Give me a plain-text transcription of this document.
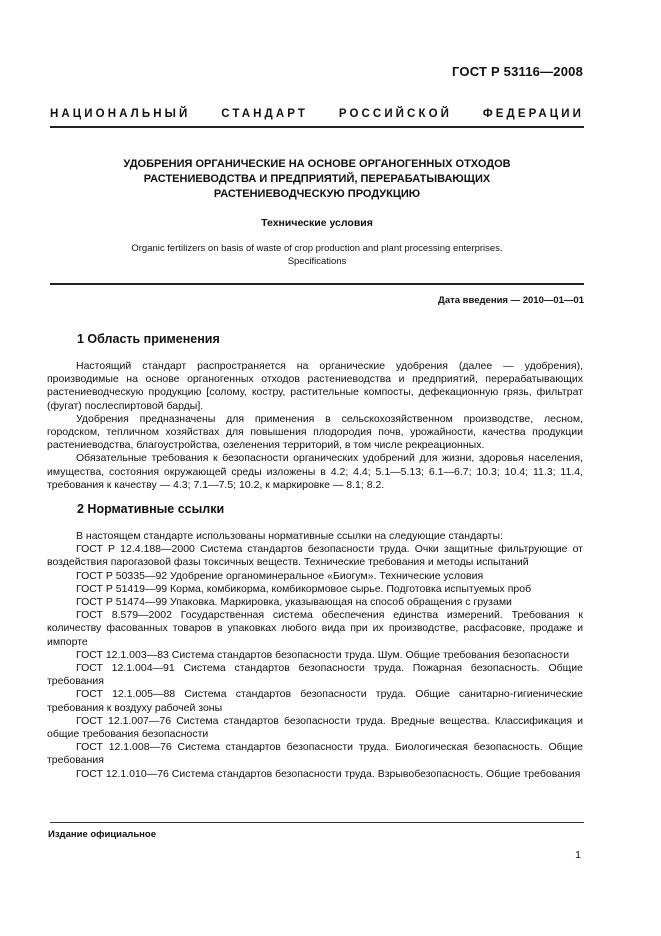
ГОСТ Р 53116—2008
НАЦИОНАЛЬНЫЙ СТАНДАРТ РОССИЙСКОЙ ФЕДЕРАЦИИ
УДОБРЕНИЯ ОРГАНИЧЕСКИЕ НА ОСНОВЕ ОРГАНОГЕННЫХ ОТХОДОВ
РАСТЕНИЕВОДСТВА И ПРЕДПРИЯТИЙ, ПЕРЕРАБАТЫВАЮЩИХ
РАСТЕНИЕВОДЧЕСКУЮ ПРОДУКЦИЮ
Технические условия
Organic fertilizers on basis of waste of crop production and plant processing enterprises.
Specifications
Дата введения — 2010—01—01
1 Область применения

Настоящий стандарт распространяется на органические удобрения (далее — удобрения), производимые на основе органогенных отходов растениеводства и предприятий, перерабатывающих растениеводческую продукцию [солому, костру, растительные компосты, дефекационную грязь, фильтрат (фугат) послеспиртовой барды].

Удобрения предназначены для применения в сельскохозяйственном производстве, лесном, городском, тепличном хозяйствах для повышения плодородия почв, урожайности, качества продукции растениеводства, благоустройства, озеленения территорий, в том числе рекреационных.

Обязательные требования к безопасности органических удобрений для жизни, здоровья населения, имущества, состояния окружающей среды изложены в 4.2; 4.4; 5.1—5.13; 6.1—6.7; 10.3; 10.4; 11.3; 11.4, требования к качеству — 4.3; 7.1—7.5; 10.2, к маркировке — 8.1; 8.2.

2 Нормативные ссылки

В настоящем стандарте использованы нормативные ссылки на следующие стандарты:

ГОСТ Р 12.4.188—2000 Система стандартов безопасности труда. Очки защитные фильтрующие от воздействия парогазовой фазы токсичных веществ. Технические требования и методы испытаний

ГОСТ Р 50335—92 Удобрение органоминеральное «Биогум». Технические условия

ГОСТ Р 51419—99 Корма, комбикорма, комбикормовое сырье. Подготовка испытуемых проб

ГОСТ Р 51474—99 Упаковка. Маркировка, указывающая на способ обращения с грузами

ГОСТ 8.579—2002 Государственная система обеспечения единства измерений. Требования к количеству фасованных товаров в упаковках любого вида при их производстве, расфасовке, продаже и импорте

ГОСТ 12.1.003—83 Система стандартов безопасности труда. Шум. Общие требования безопасности

ГОСТ 12.1.004—91 Система стандартов безопасности труда. Пожарная безопасность. Общие требования

ГОСТ 12.1.005—88 Система стандартов безопасности труда. Общие санитарно-гигиенические требования к воздуху рабочей зоны

ГОСТ 12.1.007—76 Система стандартов безопасности труда. Вредные вещества. Классификация и общие требования безопасности

ГОСТ 12.1.008—76 Система стандартов безопасности труда. Биологическая безопасность. Общие требования

ГОСТ 12.1.010—76 Система стандартов безопасности труда. Взрывобезопасность. Общие требования

Издание официальное
1
